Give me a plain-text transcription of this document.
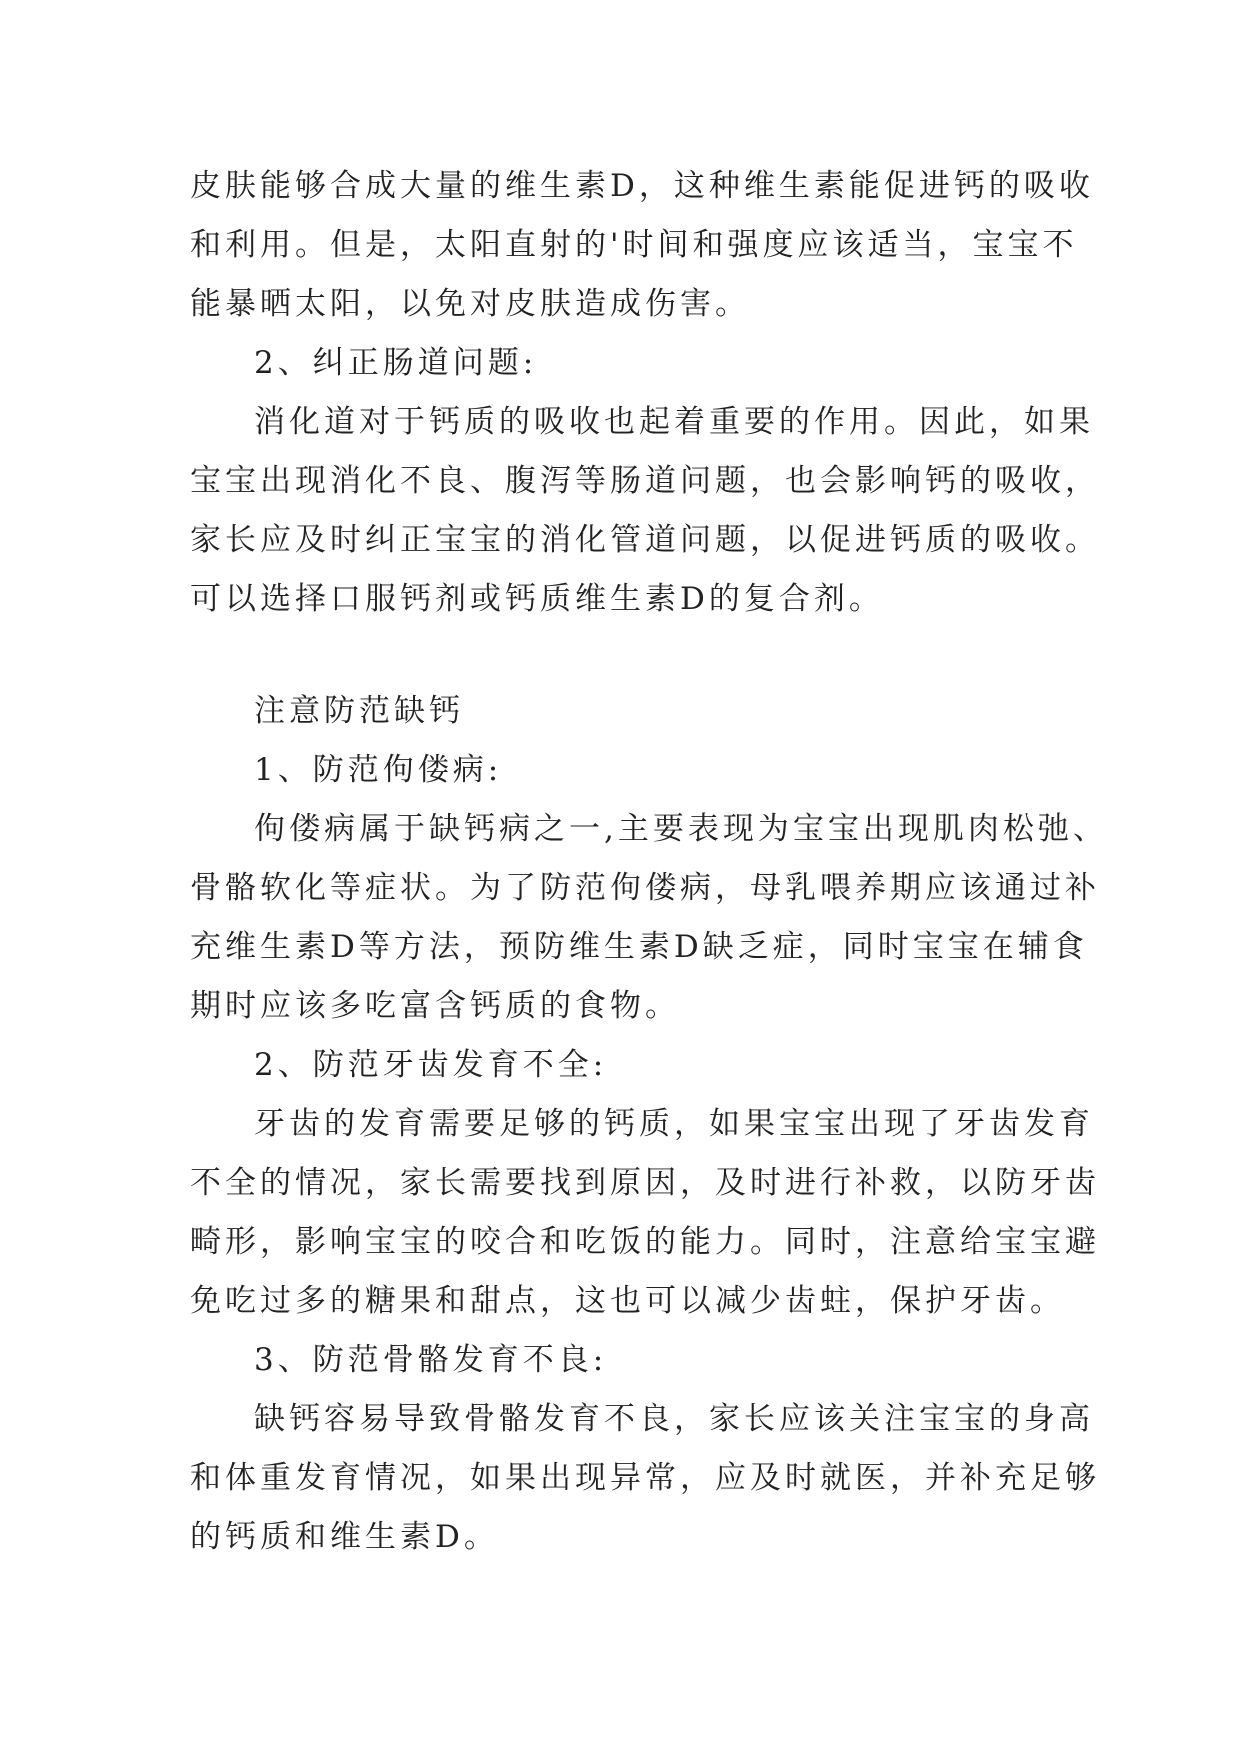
皮肤能够合成大量的维生素D，这种维生素能促进钙的吸收
和利用。但是，太阳直射的'时间和强度应该适当，宝宝不
能暴晒太阳，以免对皮肤造成伤害。
2、纠正肠道问题:
消化道对于钙质的吸收也起着重要的作用。因此，如果
宝宝出现消化不良、腹泻等肠道问题，也会影响钙的吸收，
家长应及时纠正宝宝的消化管道问题，以促进钙质的吸收。
可以选择口服钙剂或钙质维生素D的复合剂。
注意防范缺钙
1、防范佝偻病:
佝偻病属于缺钙病之一,主要表现为宝宝出现肌肉松弛、
骨骼软化等症状。为了防范佝偻病，母乳喂养期应该通过补
充维生素D等方法，预防维生素D缺乏症，同时宝宝在辅食
期时应该多吃富含钙质的食物。
2、防范牙齿发育不全:
牙齿的发育需要足够的钙质，如果宝宝出现了牙齿发育
不全的情况，家长需要找到原因，及时进行补救，以防牙齿
畸形，影响宝宝的咬合和吃饭的能力。同时，注意给宝宝避
免吃过多的糖果和甜点，这也可以减少齿蛀，保护牙齿。
3、防范骨骼发育不良:
缺钙容易导致骨骼发育不良，家长应该关注宝宝的身高
和体重发育情况，如果出现异常，应及时就医，并补充足够
的钙质和维生素D。
